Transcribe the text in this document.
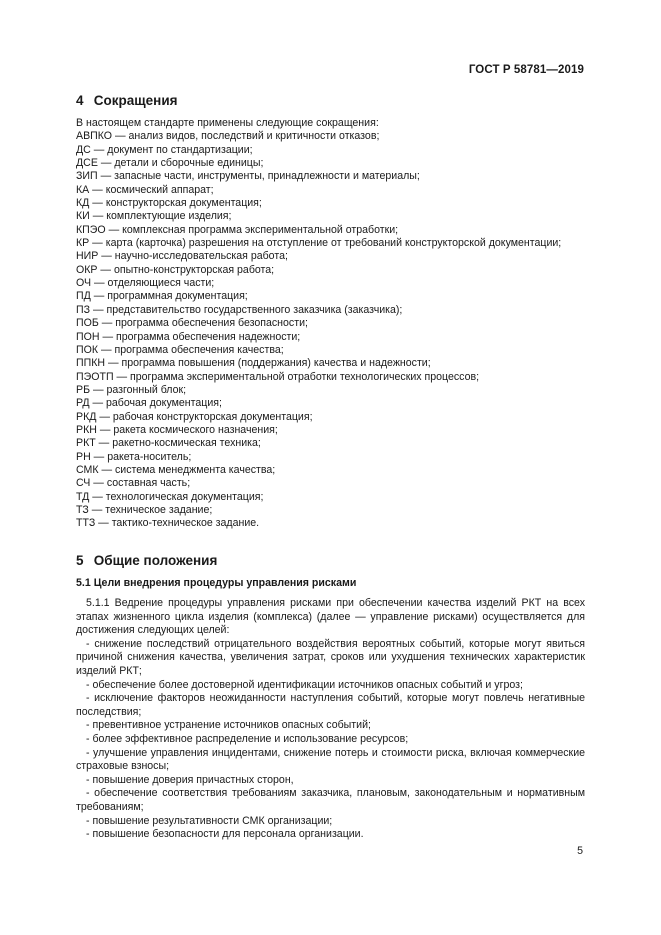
ГОСТ Р 58781—2019
4 Сокращения
В настоящем стандарте применены следующие сокращения:
АВПКО — анализ видов, последствий и критичности отказов;
ДС — документ по стандартизации;
ДСЕ — детали и сборочные единицы;
ЗИП — запасные части, инструменты, принадлежности и материалы;
КА — космический аппарат;
КД — конструкторская документация;
КИ — комплектующие изделия;
КПЭО — комплексная программа экспериментальной отработки;
КР — карта (карточка) разрешения на отступление от требований конструкторской документации;
НИР — научно-исследовательская работа;
ОКР — опытно-конструкторская работа;
ОЧ — отделяющиеся части;
ПД — программная документация;
ПЗ — представительство государственного заказчика (заказчика);
ПОБ — программа обеспечения безопасности;
ПОН — программа обеспечения надежности;
ПОК — программа обеспечения качества;
ППКН — программа повышения (поддержания) качества и надежности;
ПЭОТП — программа экспериментальной отработки технологических процессов;
РБ — разгонный блок;
РД — рабочая документация;
РКД — рабочая конструкторская документация;
РКН — ракета космического назначения;
РКТ — ракетно-космическая техника;
РН — ракета-носитель;
СМК — система менеджмента качества;
СЧ — составная часть;
ТД — технологическая документация;
ТЗ — техническое задание;
ТТЗ — тактико-техническое задание.
5 Общие положения
5.1 Цели внедрения процедуры управления рисками
5.1.1 Ведрение процедуры управления рисками при обеспечении качества изделий РКТ на всех этапах жизненного цикла изделия (комплекса) (далее — управление рисками) осуществляется для достижения следующих целей:
- снижение последствий отрицательного воздействия вероятных событий, которые могут явиться причиной снижения качества, увеличения затрат, сроков или ухудшения технических характеристик изделий РКТ;
- обеспечение более достоверной идентификации источников опасных событий и угроз;
- исключение факторов неожиданности наступления событий, которые могут повлечь негативные последствия;
- превентивное устранение источников опасных событий;
- более эффективное распределение и использование ресурсов;
- улучшение управления инцидентами, снижение потерь и стоимости риска, включая коммерческие страховые взносы;
- повышение доверия причастных сторон,
- обеспечение соответствия требованиям заказчика, плановым, законодательным и нормативным требованиям;
- повышение результативности СМК организации;
- повышение безопасности для персонала организации.
5
